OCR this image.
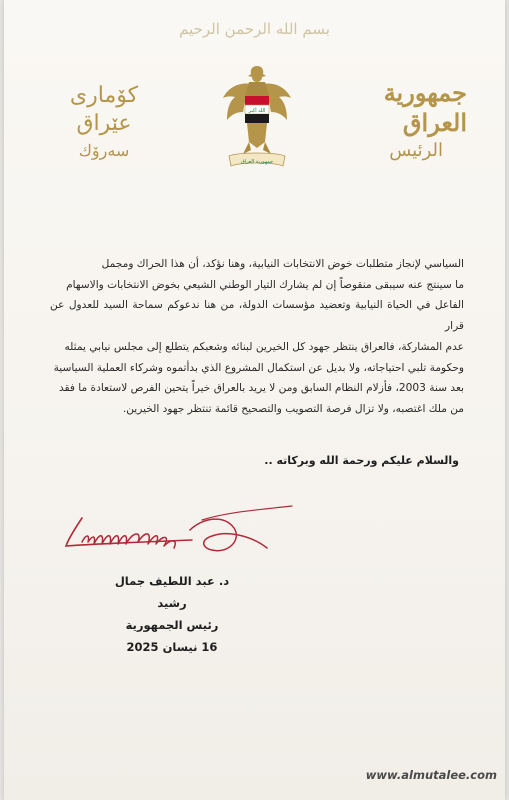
بسم الله الرحمن الرحيم
جمهورية العراق
الرئيس
الله أكبر
جمهورية العراق
كۆماری عێراق
سەرۆك
السياسي لإنجاز متطلبات خوض الانتخابات النيابية، وهنا نؤكد، أن هذا الحراك ومجمل
ما سينتج عنه سيبقى منقوصاً إن لم يشارك التيار الوطني الشيعي بخوض الانتخابات والاسهام
الفاعل في الحياة النيابية وتعضيد مؤسسات الدولة، من هنا ندعوكم سماحة السيد للعدول عن قرار
عدم المشاركة، فالعراق ينتظر جهود كل الخيرين لبنائه وشعبكم يتطلع إلى مجلس نيابي يمثله
وحكومة تلبي احتياجاته، ولا بديل عن استكمال المشروع الذي بدأتموه وشركاء العملية السياسية
بعد سنة 2003، فأزلام النظام السابق ومن لا يريد بالعراق خيراً يتحين الفرص لاستعادة ما فقد
من ملك اغتصبه، ولا تزال فرصة التصويب والتصحيح قائمة تنتظر جهود الخيرين.
والسلام عليكم ورحمة الله وبركاته ..
د. عبد اللطيف جمال رشيد
رئيس الجمهورية
16 نيسان 2025
www.almutalee.com
